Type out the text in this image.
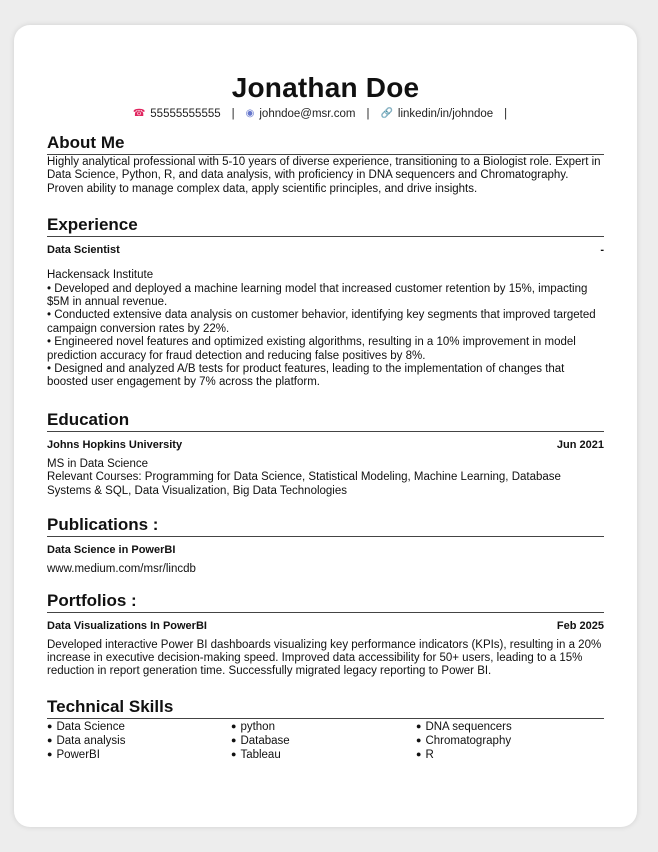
Jonathan Doe
☎ 55555555555 | ◉ johndoe@msr.com | 🔗 linkedin/in/johndoe |
About Me
Highly analytical professional with 5-10 years of diverse experience, transitioning to a Biologist role. Expert in Data Science, Python, R, and data analysis, with proficiency in DNA sequencers and Chromatography. Proven ability to manage complex data, apply scientific principles, and drive insights.
Experience
Data Scientist	-
Hackensack Institute
• Developed and deployed a machine learning model that increased customer retention by 15%, impacting $5M in annual revenue.
• Conducted extensive data analysis on customer behavior, identifying key segments that improved targeted campaign conversion rates by 22%.
• Engineered novel features and optimized existing algorithms, resulting in a 10% improvement in model prediction accuracy for fraud detection and reducing false positives by 8%.
• Designed and analyzed A/B tests for product features, leading to the implementation of changes that boosted user engagement by 7% across the platform.
Education
Johns Hopkins University	Jun 2021
MS in Data Science
Relevant Courses: Programming for Data Science, Statistical Modeling, Machine Learning, Database Systems & SQL, Data Visualization, Big Data Technologies
Publications :
Data Science in PowerBI
www.medium.com/msr/lincdb
Portfolios :
Data Visualizations In PowerBI	Feb 2025
Developed interactive Power BI dashboards visualizing key performance indicators (KPIs), resulting in a 20% increase in executive decision-making speed. Improved data accessibility for 50+ users, leading to a 15% reduction in report generation time. Successfully migrated legacy reporting to Power BI.
Technical Skills
● Data Science	● python	● DNA sequencers
● Data analysis	● Database	● Chromatography
● PowerBI	● Tableau	● R
